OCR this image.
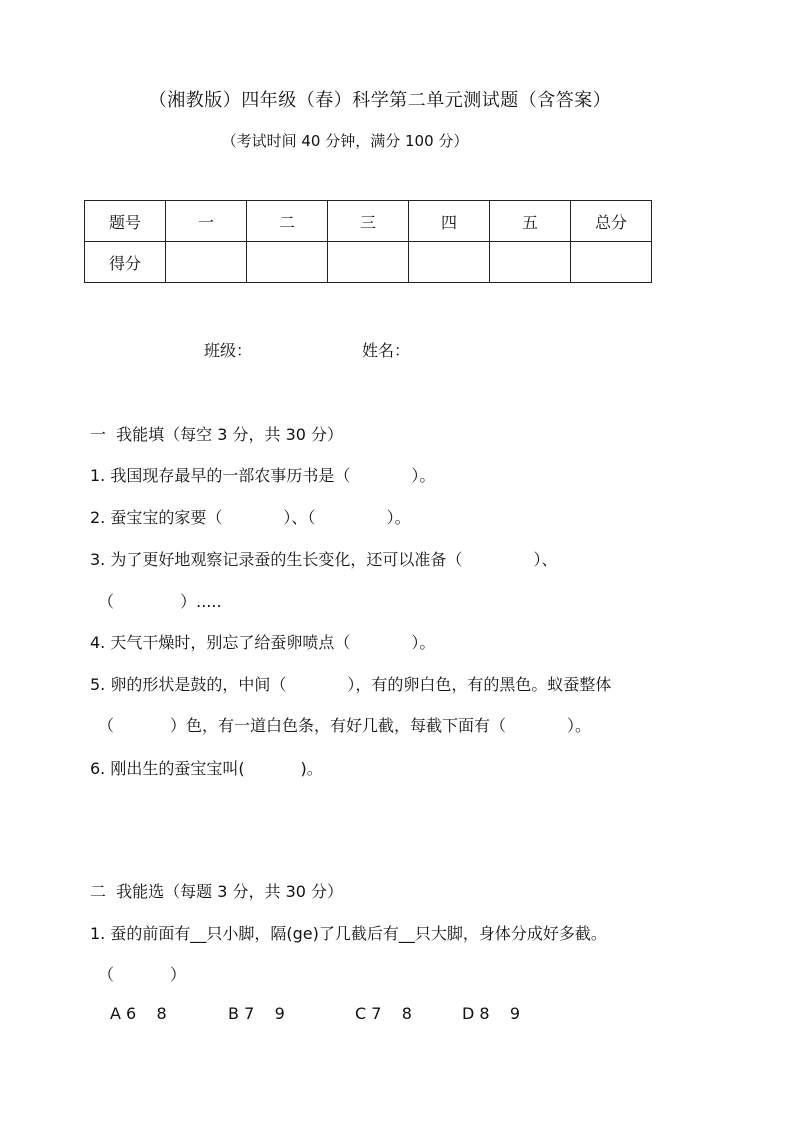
（湘教版）四年级（春）科学第二单元测试题（含答案）
（考试时间 40 分钟，满分 100 分）
题号	一	二	三	四	五	总分
得分						
班级：	姓名：
一  我能填（每空 3 分，共 30 分）
1. 我国现存最早的一部农事历书是（            ）。
2. 蚕宝宝的家要（            ）、（              ）。
3. 为了更好地观察记录蚕的生长变化，还可以准备（              ）、
（             ）.....
4. 天气干燥时，别忘了给蚕卵喷点（            ）。
5. 卵的形状是鼓的，中间（            ），有的卵白色，有的黑色。蚁蚕整体
（           ）色，有一道白色条，有好几截，每截下面有（            ）。
6. 刚出生的蚕宝宝叫(           )。
二  我能选（每题 3 分，共 30 分）
1. 蚕的前面有__只小脚，隔(ge)了几截后有__只大脚，身体分成好多截。
（           ）
A 6    8	B 7    9	C 7    8	D 8    9
